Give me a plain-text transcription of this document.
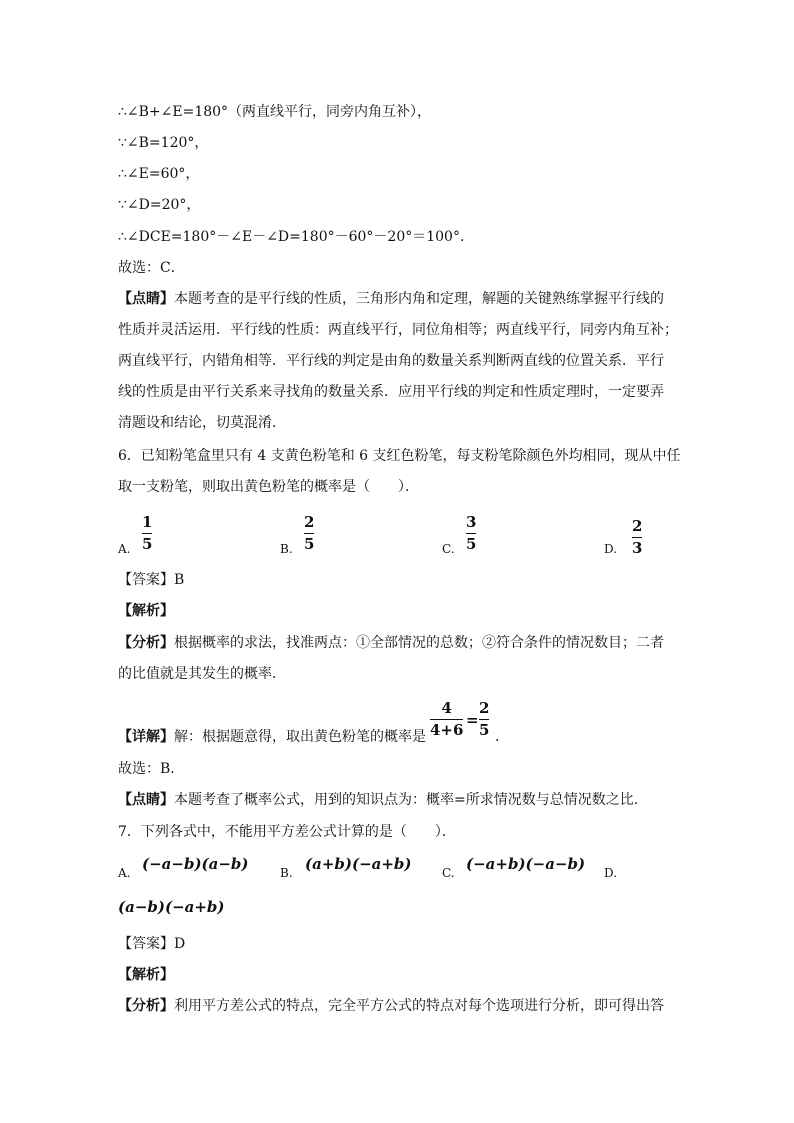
∴∠B+∠E=180°（两直线平行，同旁内角互补），
∵∠B=120°，
∴∠E=60°，
∵∠D=20°，
∴∠DCE=180°－∠E－∠D=180°－60°－20°＝100°．
故选：C．
【点睛】本题考查的是平行线的性质，三角形内角和定理，解题的关键熟练掌握平行线的
性质并灵活运用．平行线的性质：两直线平行，同位角相等；两直线平行，同旁内角互补；
两直线平行，内错角相等．平行线的判定是由角的数量关系判断两直线的位置关系．平行
线的性质是由平行关系来寻找角的数量关系．应用平行线的判定和性质定理时，一定要弄
清题设和结论，切莫混淆．
6．已知粉笔盒里只有 4 支黄色粉笔和 6 支红色粉笔，每支粉笔除颜色外均相同，现从中任
取一支粉笔，则取出黄色粉笔的概率是（　　）．
A.
1
5	B.
2
5	C.
3
5	D.
2
3
【答案】B
【解析】
【分析】根据概率的求法，找准两点：①全部情况的总数；②符合条件的情况数目；二者
的比值就是其发生的概率．
【详解】解：根据题意得，取出黄色粉笔的概率是
4
4+6
=
2
5 ．
故选：B．
【点睛】本题考查了概率公式，用到的知识点为：概率=所求情况数与总情况数之比．
7．下列各式中，不能用平方差公式计算的是（　　）．
A. (−a−b)(a−b)	B. (a+b)(−a+b)	C. (−a+b)(−a−b) D.
(a−b)(−a+b)
【答案】D
【解析】
【分析】利用平方差公式的特点，完全平方公式的特点对每个选项进行分析，即可得出答
